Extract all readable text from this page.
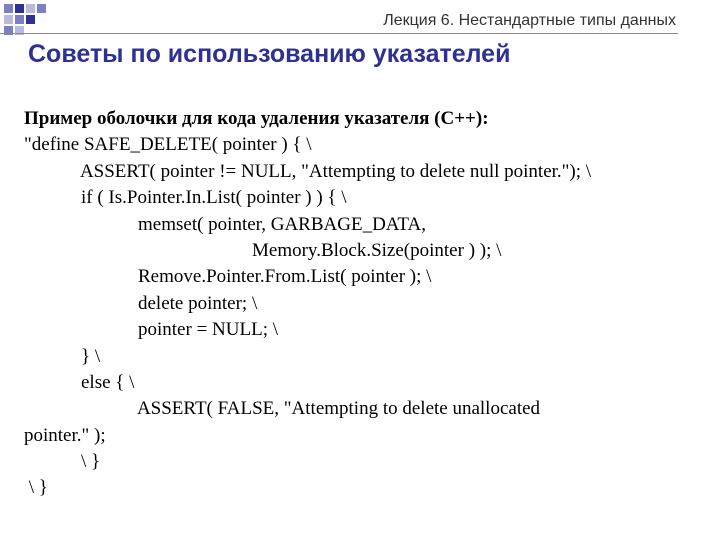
Лекция 6. Нестандартные типы данных
Советы по использованию указателей
Пример оболочки для кода удаления указателя (С++):
"define SAFE_DELETE( pointer ) { \
ASSERT( pointer != NULL, "Attempting to delete null pointer."); \
if ( Is.Pointer.In.List( pointer ) ) { \
memset( pointer, GARBAGE_DATA,
Memory.Block.Size(pointer ) ); \
Remove.Pointer.From.List( pointer ); \
delete pointer; \
pointer = NULL; \
} \
else { \
ASSERT( FALSE, "Attempting to delete unallocated
pointer." );
\ }
\ }
